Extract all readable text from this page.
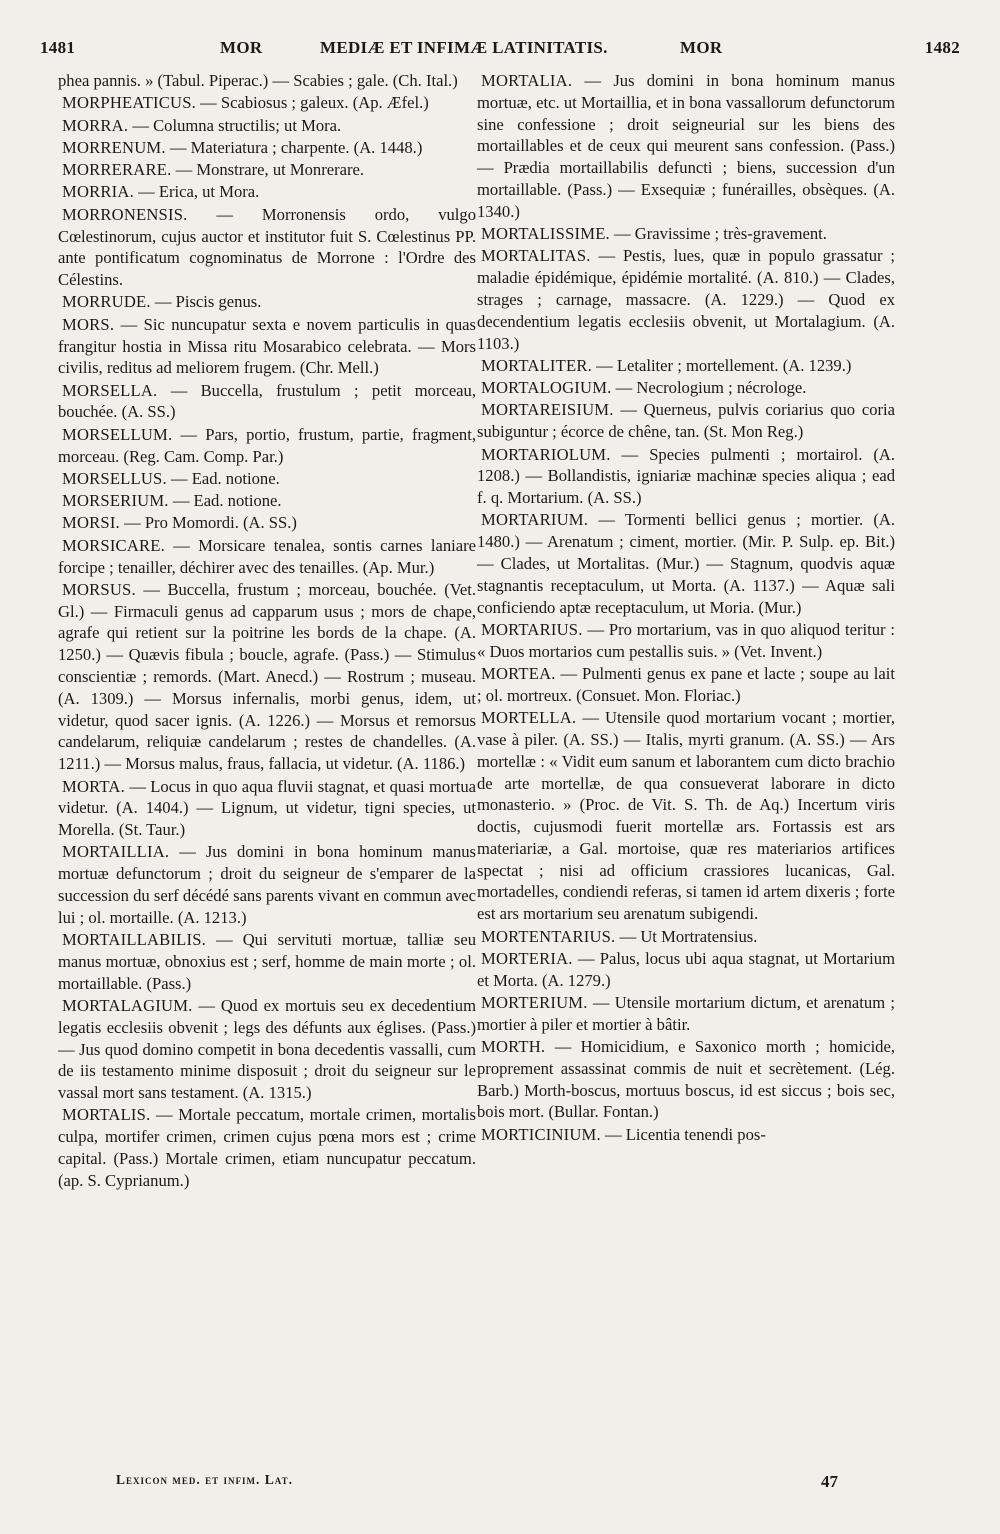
1481	MOR	MEDIÆ ET INFIMÆ LATINITATIS.	MOR	1482

phea pannis. » (Tabul. Piperac.) — Scabies ; gale. (Ch. Ital.)

MORPHEATICUS. — Scabiosus ; galeux. (Ap. Æfel.)

MORRA. — Columna structilis; ut Mora.

MORRENUM. — Materiatura ; charpente. (A. 1448.)

MORRERARE. — Monstrare, ut Monrerare.

MORRIA. — Erica, ut Mora.

MORRONENSIS. — Morronensis ordo, vulgo Cœlestinorum, cujus auctor et institutor fuit S. Cœlestinus PP. ante pontificatum cognominatus de Morrone : l'Ordre des Célestins.

MORRUDE. — Piscis genus.

MORS. — Sic nuncupatur sexta e novem particulis in quas frangitur hostia in Missa ritu Mosarabico celebrata. — Mors civilis, reditus ad meliorem frugem. (Chr. Mell.)

MORSELLA. — Buccella, frustulum ; petit morceau, bouchée. (A. SS.)

MORSELLUM. — Pars, portio, frustum, partie, fragment, morceau. (Reg. Cam. Comp. Par.)

MORSELLUS. — Ead. notione.

MORSERIUM. — Ead. notione.

MORSI. — Pro Momordi. (A. SS.)

MORSICARE. — Morsicare tenalea, sontis carnes laniare forcipe ; tenailler, déchirer avec des tenailles. (Ap. Mur.)

MORSUS. — Buccella, frustum ; morceau, bouchée. (Vet. Gl.) — Firmaculi genus ad capparum usus ; mors de chape, agrafe qui retient sur la poitrine les bords de la chape. (A. 1250.) — Quævis fibula ; boucle, agrafe. (Pass.) — Stimulus conscientiæ ; remords. (Mart. Anecd.) — Rostrum ; museau. (A. 1309.) — Morsus infernalis, morbi genus, idem, ut videtur, quod sacer ignis. (A. 1226.) — Morsus et remorsus candelarum, reliquiæ candelarum ; restes de chandelles. (A. 1211.) — Morsus malus, fraus, fallacia, ut videtur. (A. 1186.)

MORTA. — Locus in quo aqua fluvii stagnat, et quasi mortua videtur. (A. 1404.) — Lignum, ut videtur, tigni species, ut Morella. (St. Taur.)

MORTAILLIA. — Jus domini in bona hominum manus mortuæ defunctorum ; droit du seigneur de s'emparer de la succession du serf décédé sans parents vivant en commun avec lui ; ol. mortaille. (A. 1213.)

MORTAILLABILIS. — Qui servituti mortuæ, talliæ seu manus mortuæ, obnoxius est ; serf, homme de main morte ; ol. mortaillable. (Pass.)

MORTALAGIUM. — Quod ex mortuis seu ex decedentium legatis ecclesiis obvenit ; legs des défunts aux églises. (Pass.) — Jus quod domino competit in bona decedentis vassalli, cum de iis testamento minime disposuit ; droit du seigneur sur le vassal mort sans testament. (A. 1315.)

MORTALIS. — Mortale peccatum, mortale crimen, mortalis culpa, mortifer crimen, crimen cujus pœna mors est ; crime capital. (Pass.) Mortale crimen, etiam nuncupatur peccatum. (ap. S. Cyprianum.)

MORTALIA. — Jus domini in bona hominum manus mortuæ, etc. ut Mortaillia, et in bona vassallorum defunctorum sine confessione ; droit seigneurial sur les biens des mortaillables et de ceux qui meurent sans confession. (Pass.) — Prædia mortaillabilis defuncti ; biens, succession d'un mortaillable. (Pass.) — Exsequiæ ; funérailles, obsèques. (A. 1340.)

MORTALISSIME. — Gravissime ; très-gravement.

MORTALITAS. — Pestis, lues, quæ in populo grassatur ; maladie épidémique, épidémie mortalité. (A. 810.) — Clades, strages ; carnage, massacre. (A. 1229.) — Quod ex decendentium legatis ecclesiis obvenit, ut Mortalagium. (A. 1103.)

MORTALITER. — Letaliter ; mortellement. (A. 1239.)

MORTALOGIUM. — Necrologium ; nécrologe.

MORTAREISIUM. — Querneus, pulvis coriarius quo coria subiguntur ; écorce de chêne, tan. (St. Mon Reg.)

MORTARIOLUM. — Species pulmenti ; mortairol. (A. 1208.) — Bollandistis, igniariæ machinæ species aliqua ; ead f. q. Mortarium. (A. SS.)

MORTARIUM. — Tormenti bellici genus ; mortier. (A. 1480.) — Arenatum ; ciment, mortier. (Mir. P. Sulp. ep. Bit.) — Clades, ut Mortalitas. (Mur.) — Stagnum, quodvis aquæ stagnantis receptaculum, ut Morta. (A. 1137.) — Aquæ sali conficiendo aptæ receptaculum, ut Moria. (Mur.)

MORTARIUS. — Pro mortarium, vas in quo aliquod teritur : « Duos mortarios cum pestallis suis. » (Vet. Invent.)

MORTEA. — Pulmenti genus ex pane et lacte ; soupe au lait ; ol. mortreux. (Consuet. Mon. Floriac.)

MORTELLA. — Utensile quod mortarium vocant ; mortier, vase à piler. (A. SS.) — Italis, myrti granum. (A. SS.) — Ars mortellæ : « Vidit eum sanum et laborantem cum dicto brachio de arte mortellæ, de qua consueverat laborare in dicto monasterio. » (Proc. de Vit. S. Th. de Aq.) Incertum viris doctis, cujusmodi fuerit mortellæ ars. Fortassis est ars materiariæ, a Gal. mortoise, quæ res materiarios artifices spectat ; nisi ad officium crassiores lucanicas, Gal. mortadelles, condiendi referas, si tamen id artem dixeris ; forte est ars mortarium seu arenatum subigendi.

MORTENTARIUS. — Ut Mortratensius.

MORTERIA. — Palus, locus ubi aqua stagnat, ut Mortarium et Morta. (A. 1279.)

MORTERIUM. — Utensile mortarium dictum, et arenatum ; mortier à piler et mortier à bâtir.

MORTH. — Homicidium, e Saxonico morth ; homicide, proprement assassinat commis de nuit et secrètement. (Lég. Barb.) Morth-boscus, mortuus boscus, id est siccus ; bois sec, bois mort. (Bullar. Fontan.)

MORTICINIUM. — Licentia tenendi pos-

Lexicon med. et infim. Lat.	47
